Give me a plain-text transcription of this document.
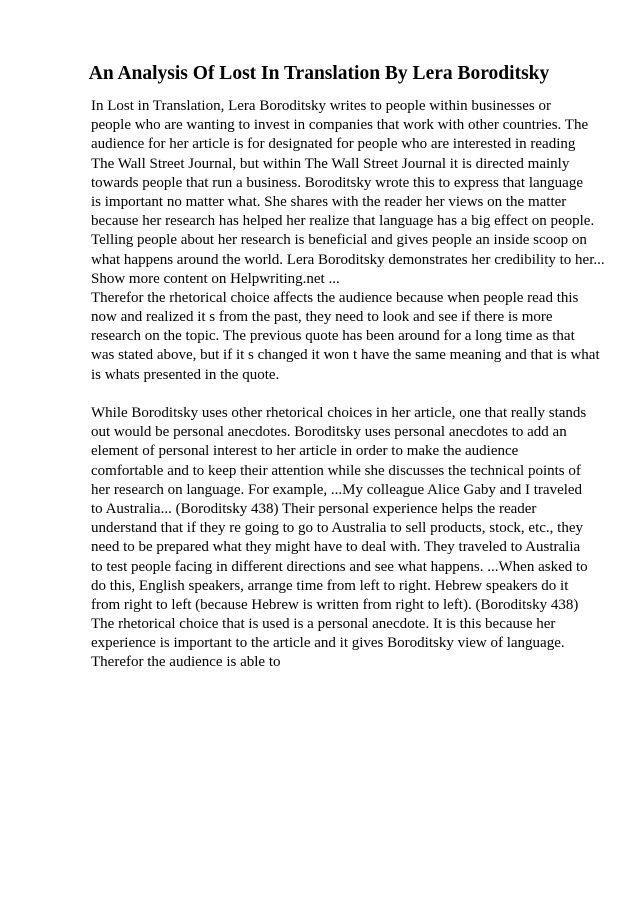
An Analysis Of Lost In Translation By Lera Boroditsky
In Lost in Translation, Lera Boroditsky writes to people within businesses or
people who are wanting to invest in companies that work with other countries. The
audience for her article is for designated for people who are interested in reading
The Wall Street Journal, but within The Wall Street Journal it is directed mainly
towards people that run a business. Boroditsky wrote this to express that language
is important no matter what. She shares with the reader her views on the matter
because her research has helped her realize that language has a big effect on people.
Telling people about her research is beneficial and gives people an inside scoop on
what happens around the world. Lera Boroditsky demonstrates her credibility to her...
Show more content on Helpwriting.net ...
Therefor the rhetorical choice affects the audience because when people read this
now and realized it s from the past, they need to look and see if there is more
research on the topic. The previous quote has been around for a long time as that
was stated above, but if it s changed it won t have the same meaning and that is what
is whats presented in the quote.
While Boroditsky uses other rhetorical choices in her article, one that really stands
out would be personal anecdotes. Boroditsky uses personal anecdotes to add an
element of personal interest to her article in order to make the audience
comfortable and to keep their attention while she discusses the technical points of
her research on language. For example, ...My colleague Alice Gaby and I traveled
to Australia... (Boroditsky 438) Their personal experience helps the reader
understand that if they re going to go to Australia to sell products, stock, etc., they
need to be prepared what they might have to deal with. They traveled to Australia
to test people facing in different directions and see what happens. ...When asked to
do this, English speakers, arrange time from left to right. Hebrew speakers do it
from right to left (because Hebrew is written from right to left). (Boroditsky 438)
The rhetorical choice that is used is a personal anecdote. It is this because her
experience is important to the article and it gives Boroditsky view of language.
Therefor the audience is able to
